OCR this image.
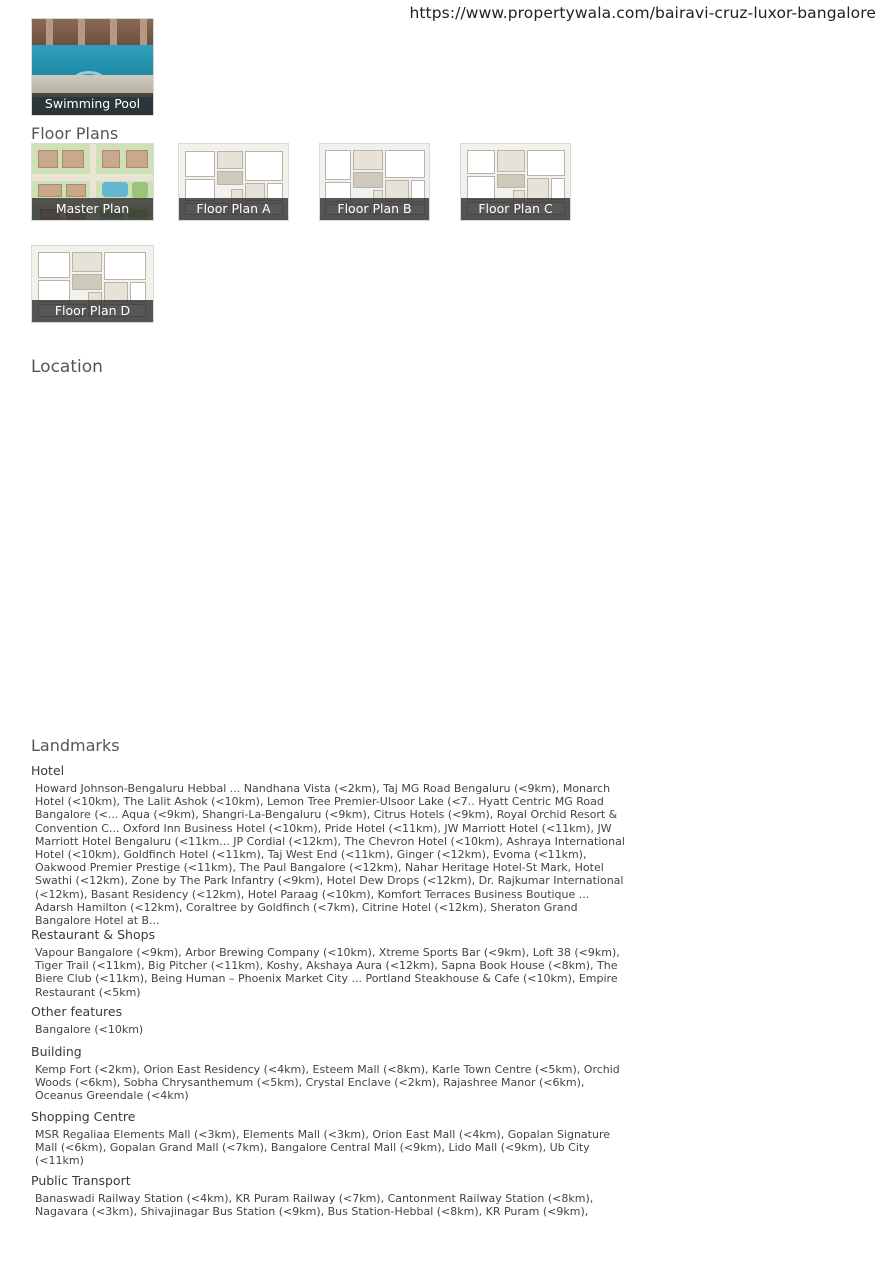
https://www.propertywala.com/bairavi-cruz-luxor-bangalore
Swimming Pool
Floor Plans
Master Plan	Floor Plan A	Floor Plan B	Floor Plan C
Floor Plan D
Location
Landmarks
Hotel
Howard Johnson-Bengaluru Hebbal ... Nandhana Vista (<2km), Taj MG Road Bengaluru (<9km), Monarch Hotel (<10km), The Lalit Ashok (<10km), Lemon Tree Premier-Ulsoor Lake (<7.. Hyatt Centric MG Road Bangalore (<... Aqua (<9km), Shangri-La-Bengaluru (<9km), Citrus Hotels (<9km), Royal Orchid Resort & Convention C... Oxford Inn Business Hotel (<10km), Pride Hotel (<11km), JW Marriott Hotel (<11km), JW Marriott Hotel Bengaluru (<11km... JP Cordial (<12km), The Chevron Hotel (<10km), Ashraya International Hotel (<10km), Goldfinch Hotel (<11km), Taj West End (<11km), Ginger (<12km), Evoma (<11km), Oakwood Premier Prestige (<11km), The Paul Bangalore (<12km), Nahar Heritage Hotel-St Mark, Hotel Swathi (<12km), Zone by The Park Infantry (<9km), Hotel Dew Drops (<12km), Dr. Rajkumar International (<12km), Basant Residency (<12km), Hotel Paraag (<10km), Komfort Terraces Business Boutique ... Adarsh Hamilton (<12km), Coraltree by Goldfinch (<7km), Citrine Hotel (<12km), Sheraton Grand Bangalore Hotel at B...
Restaurant & Shops
Vapour Bangalore (<9km), Arbor Brewing Company (<10km), Xtreme Sports Bar (<9km), Loft 38 (<9km), Tiger Trail (<11km), Big Pitcher (<11km), Koshy, Akshaya Aura (<12km), Sapna Book House (<8km), The Biere Club (<11km), Being Human – Phoenix Market City ... Portland Steakhouse & Cafe (<10km), Empire Restaurant (<5km)
Other features
Bangalore (<10km)
Building
Kemp Fort (<2km), Orion East Residency (<4km), Esteem Mall (<8km), Karle Town Centre (<5km), Orchid Woods (<6km), Sobha Chrysanthemum (<5km), Crystal Enclave (<2km), Rajashree Manor (<6km), Oceanus Greendale (<4km)
Shopping Centre
MSR Regaliaa Elements Mall (<3km), Elements Mall (<3km), Orion East Mall (<4km), Gopalan Signature Mall (<6km), Gopalan Grand Mall (<7km), Bangalore Central Mall (<9km), Lido Mall (<9km), Ub City (<11km)
Public Transport
Banaswadi Railway Station (<4km), KR Puram Railway (<7km), Cantonment Railway Station (<8km), Nagavara (<3km), Shivajinagar Bus Station (<9km), Bus Station-Hebbal (<8km), KR Puram (<9km),
